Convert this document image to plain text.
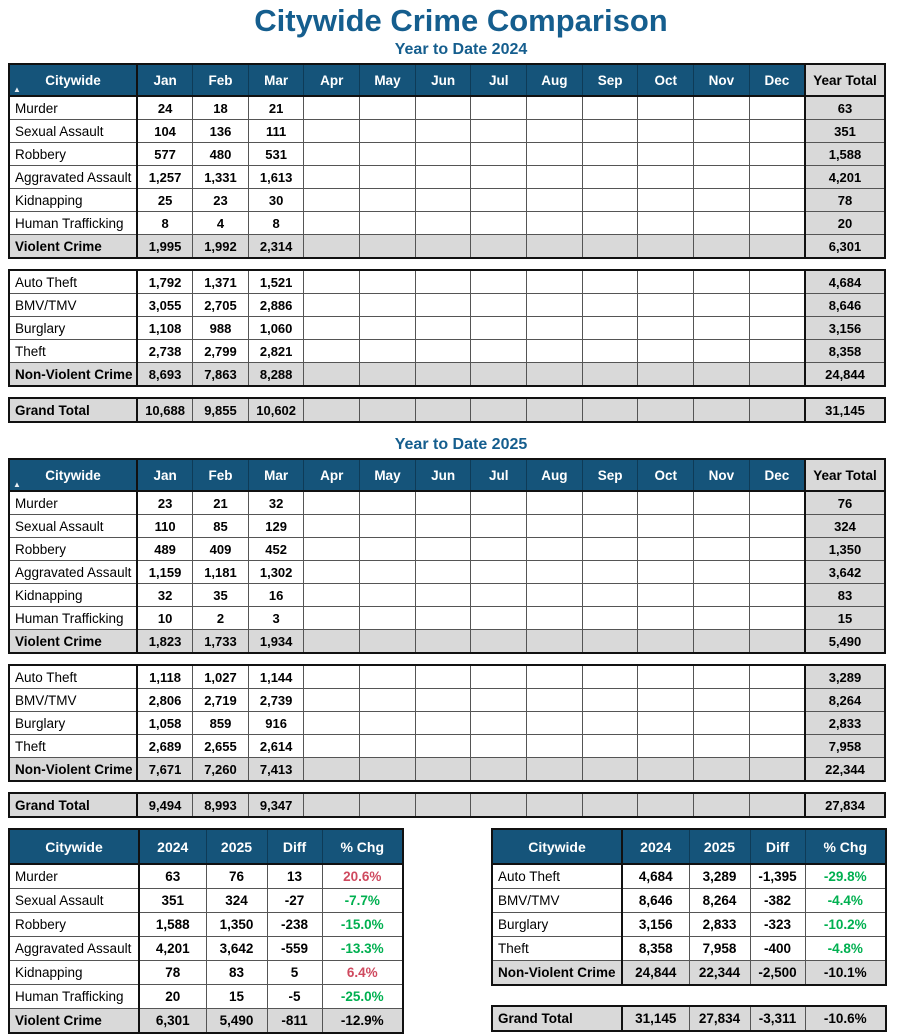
Citywide Crime Comparison
Year to Date 2024
▲
Citywide	Jan	Feb	Mar	Apr	May	Jun	Jul	Aug	Sep	Oct	Nov	Dec	Year Total
Murder	24	18	21										63
Sexual Assault	104	136	111										351
Robbery	577	480	531										1,588
Aggravated Assault	1,257	1,331	1,613										4,201
Kidnapping	25	23	30										78
Human Trafficking	8	4	8										20
Violent Crime	1,995	1,992	2,314										6,301
Auto Theft	1,792	1,371	1,521										4,684
BMV/TMV	3,055	2,705	2,886										8,646
Burglary	1,108	988	1,060										3,156
Theft	2,738	2,799	2,821										8,358
Non-Violent Crime	8,693	7,863	8,288										24,844
Grand Total	10,688	9,855	10,602										31,145
Year to Date 2025
▲
Citywide	Jan	Feb	Mar	Apr	May	Jun	Jul	Aug	Sep	Oct	Nov	Dec	Year Total
Murder	23	21	32										76
Sexual Assault	110	85	129										324
Robbery	489	409	452										1,350
Aggravated Assault	1,159	1,181	1,302										3,642
Kidnapping	32	35	16										83
Human Trafficking	10	2	3										15
Violent Crime	1,823	1,733	1,934										5,490
Auto Theft	1,118	1,027	1,144										3,289
BMV/TMV	2,806	2,719	2,739										8,264
Burglary	1,058	859	916										2,833
Theft	2,689	2,655	2,614										7,958
Non-Violent Crime	7,671	7,260	7,413										22,344
Grand Total	9,494	8,993	9,347										27,834
Citywide	2024	2025	Diff	% Chg
Murder	63	76	13	20.6%
Sexual Assault	351	324	-27	-7.7%
Robbery	1,588	1,350	-238	-15.0%
Aggravated Assault	4,201	3,642	-559	-13.3%
Kidnapping	78	83	5	6.4%
Human Trafficking	20	15	-5	-25.0%
Violent Crime	6,301	5,490	-811	-12.9%
Citywide	2024	2025	Diff	% Chg
Auto Theft	4,684	3,289	-1,395	-29.8%
BMV/TMV	8,646	8,264	-382	-4.4%
Burglary	3,156	2,833	-323	-10.2%
Theft	8,358	7,958	-400	-4.8%
Non-Violent Crime	24,844	22,344	-2,500	-10.1%
Grand Total	31,145	27,834	-3,311	-10.6%
